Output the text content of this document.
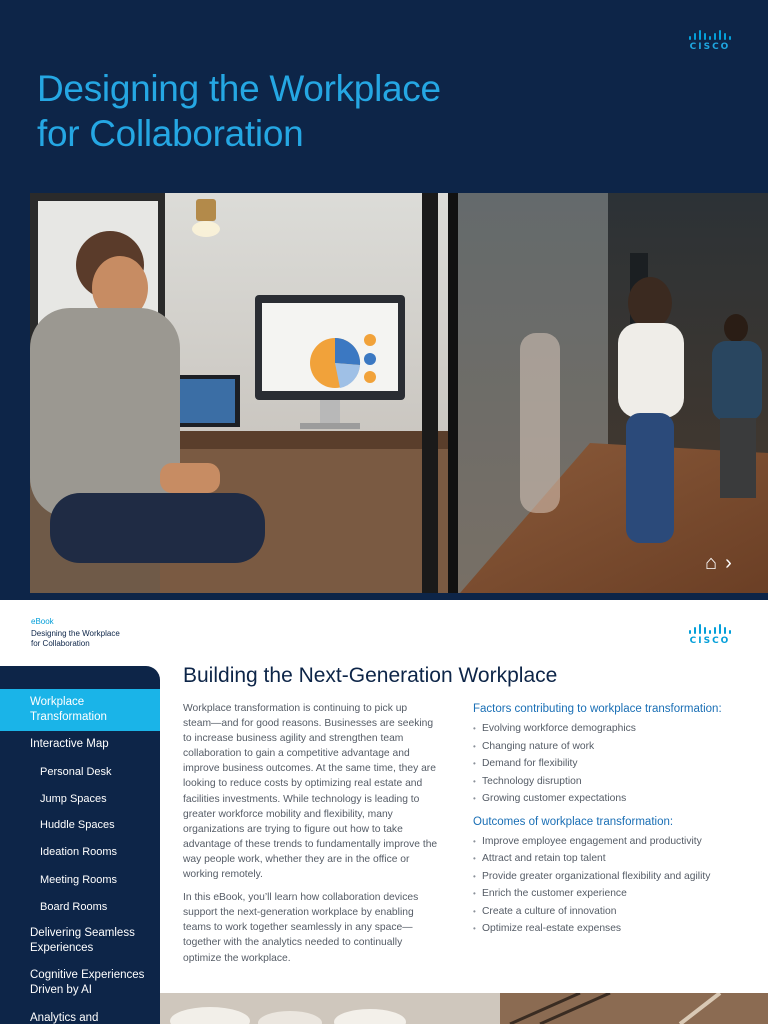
CISCO
Designing the Workplace
for Collaboration
⌂ ›
eBook
Designing the Workplace
for Collaboration	CISCO
Workplace Transformation
Interactive Map
Personal Desk
Jump Spaces
Huddle Spaces
Ideation Rooms
Meeting Rooms
Board Rooms
Delivering Seamless Experiences
Cognitive Experiences Driven by AI
Analytics and
Building the Next-Generation Workplace

Workplace transformation is continuing to pick up steam—and for good reasons. Businesses are seeking to increase business agility and strengthen team collaboration to gain a competitive advantage and improve business outcomes. At the same time, they are looking to reduce costs by optimizing real estate and facilities investments. While technology is leading to greater workforce mobility and flexibility, many organizations are trying to figure out how to take advantage of these trends to fundamentally improve the way people work, whether they are in the office or working remotely.

In this eBook, you’ll learn how collaboration devices support the next-generation workplace by enabling teams to work together seamlessly in any space—together with the analytics needed to continually optimize the workplace.

Factors contributing to workplace transformation:
• Evolving workforce demographics
• Changing nature of work
• Demand for flexibility
• Technology disruption
• Growing customer expectations
Outcomes of workplace transformation:
• Improve employee engagement and productivity
• Attract and retain top talent
• Provide greater organizational flexibility and agility
• Enrich the customer experience
• Create a culture of innovation
• Optimize real-estate expenses
